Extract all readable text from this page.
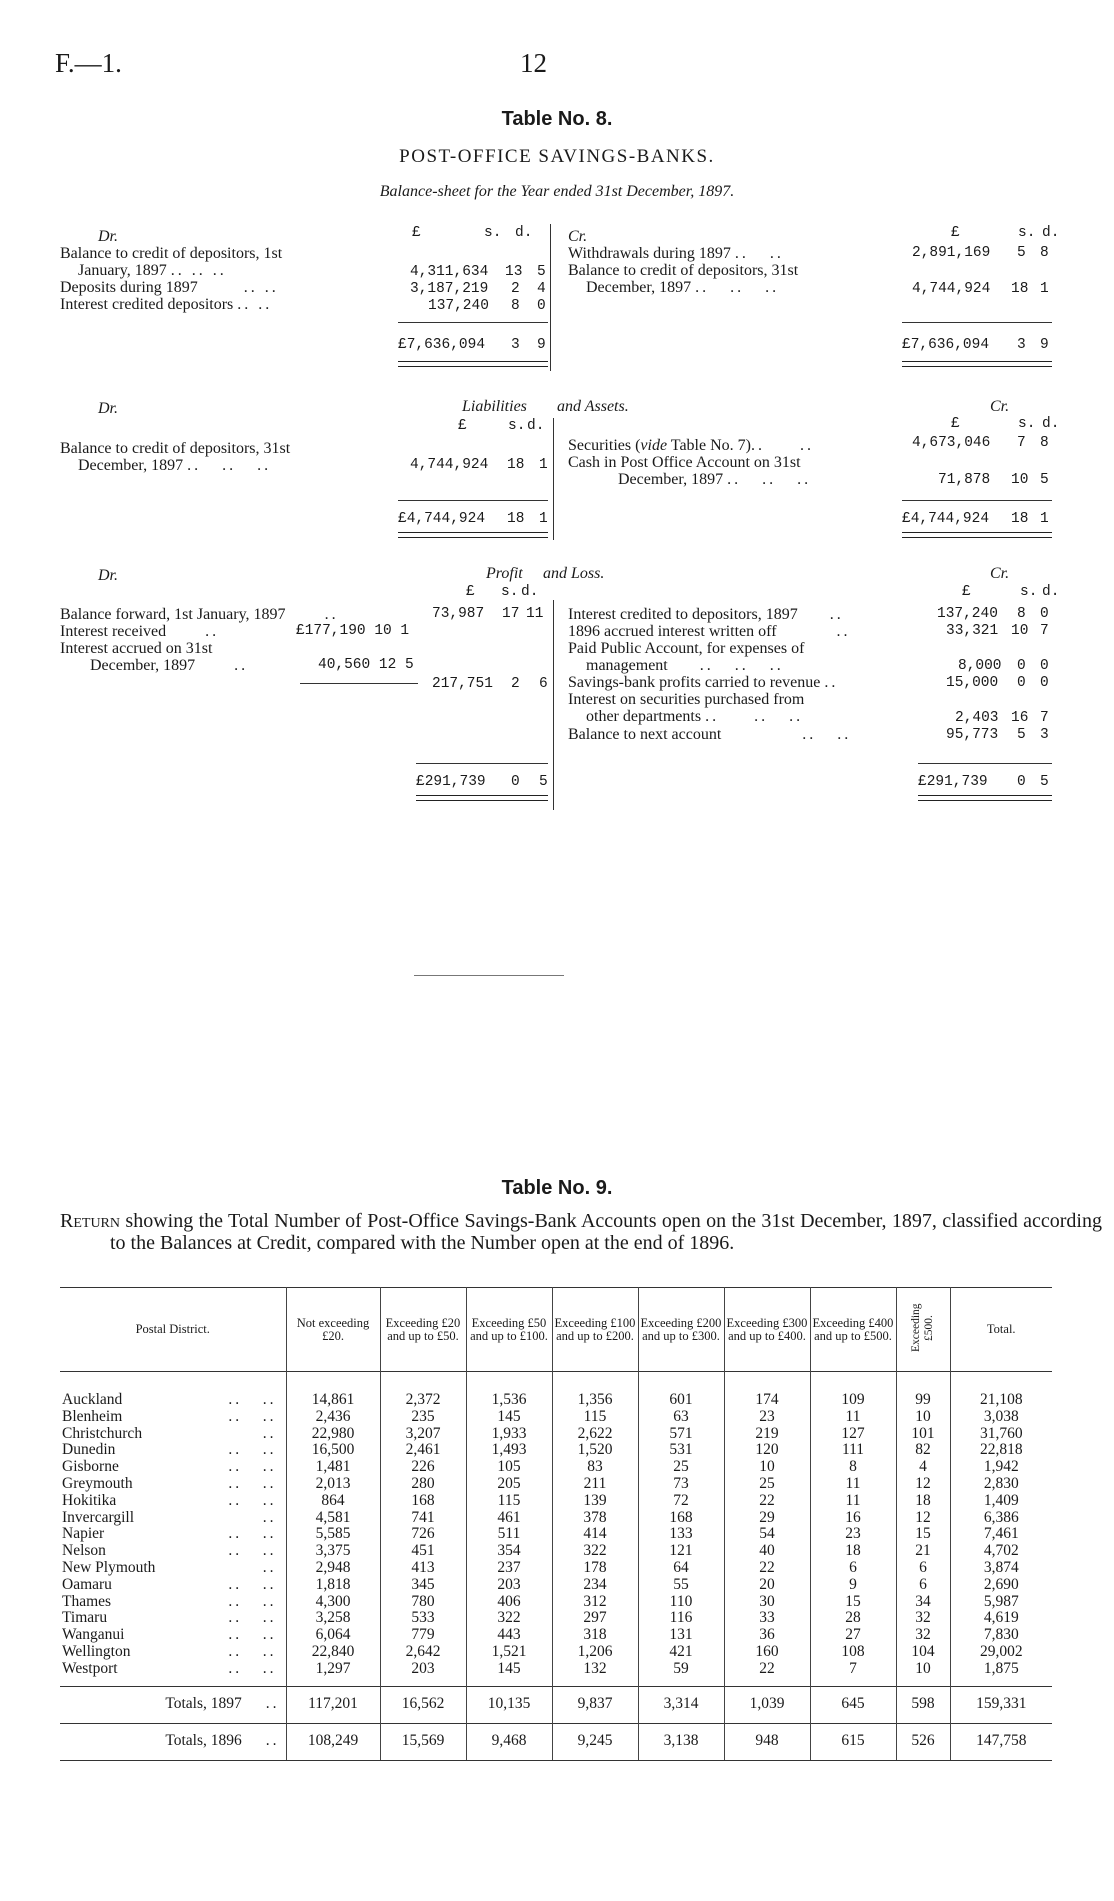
F.—1.	12
Table No. 8.
POST-OFFICE SAVINGS-BANKS.
Balance-sheet for the Year ended 31st December, 1897.
Dr.	£	s. d.
Balance to credit of depositors, 1st
January, 1897 .. .. ..	4,311,634 13 5
Deposits during 1897       .. ..	3,187,219 2 4
Interest credited depositors .. ..	137,240 8 0
£7,636,094 3 9
Cr.	£	s. d.
Withdrawals during 1897 ..   ..	2,891,169 5 8
Balance to credit of depositors, 31st
December, 1897 ..   ..   ..	4,744,924 18 1
£7,636,094 3 9
Dr.	Liabilities and Assets.	Cr.
£	s. d.
Balance to credit of depositors, 31st
December, 1897 ..   ..   ..	4,744,924 18 1
£4,744,924 18 1
£	s. d.
Securities (vide Table No. 7)..     ..	4,673,046 7 8
Cash in Post Office Account on 31st
December, 1897 ..   ..   ..	71,878 10 5
£4,744,924 18 1
Dr.	Profit and Loss.	Cr.
£ s. d.
Balance forward, 1st January, 1897      ..	73,987 17 11
Interest received      ..	£177,190 10 1
Interest accrued on 31st
December, 1897      ..	40,560 12 5
217,751 2 6
£291,739 0 5
£	s. d.
Interest credited to depositors, 1897     ..	137,240 8 0
1896 accrued interest written off         ..	33,321 10 7
Paid Public Account, for expenses of
management     ..   ..   ..	8,000 0 0
Savings-bank profits carried to revenue ..	15,000 0 0
Interest on securities purchased from
other departments ..     ..   ..	2,403 16 7
Balance to next account            ..   ..	95,773 5 3
£291,739 0 5
Table No. 9.
Return showing the Total Number of Post-Office Savings-Bank Accounts open on the 31st December, 1897, classified according to the Balances at Credit, compared with the Number open at the end of 1896.
Postal District.	Not exceeding £20.	Exceeding £20 and up to £50.	Exceeding £50 and up to £100.	Exceeding £100 and up to £200.	Exceeding £200 and up to £300.	Exceeding £300 and up to £400.	Exceeding £400 and up to £500.	Exceeding £500.	Total.
Auckland ..   ..	14,861	2,372	1,536	1,356	601	174	109	99	21,108
Blenheim ..   ..	2,436	235	145	115	63	23	11	10	3,038
Christchurch ..	22,980	3,207	1,933	2,622	571	219	127	101	31,760
Dunedin ..   ..	16,500	2,461	1,493	1,520	531	120	111	82	22,818
Gisborne ..   ..	1,481	226	105	83	25	10	8	4	1,942
Greymouth ..   ..	2,013	280	205	211	73	25	11	12	2,830
Hokitika ..   ..	864	168	115	139	72	22	11	18	1,409
Invercargill ..	4,581	741	461	378	168	29	16	12	6,386
Napier ..   ..	5,585	726	511	414	133	54	23	15	7,461
Nelson ..   ..	3,375	451	354	322	121	40	18	21	4,702
New Plymouth ..	2,948	413	237	178	64	22	6	6	3,874
Oamaru ..   ..	1,818	345	203	234	55	20	9	6	2,690
Thames ..   ..	4,300	780	406	312	110	30	15	34	5,987
Timaru ..   ..	3,258	533	322	297	116	33	28	32	4,619
Wanganui ..   ..	6,064	779	443	318	131	36	27	32	7,830
Wellington ..   ..	22,840	2,642	1,521	1,206	421	160	108	104	29,002
Westport ..   ..	1,297	203	145	132	59	22	7	10	1,875
Totals, 1897 ..	117,201	16,562	10,135	9,837	3,314	1,039	645	598	159,331
Totals, 1896 ..	108,249	15,569	9,468	9,245	3,138	948	615	526	147,758
